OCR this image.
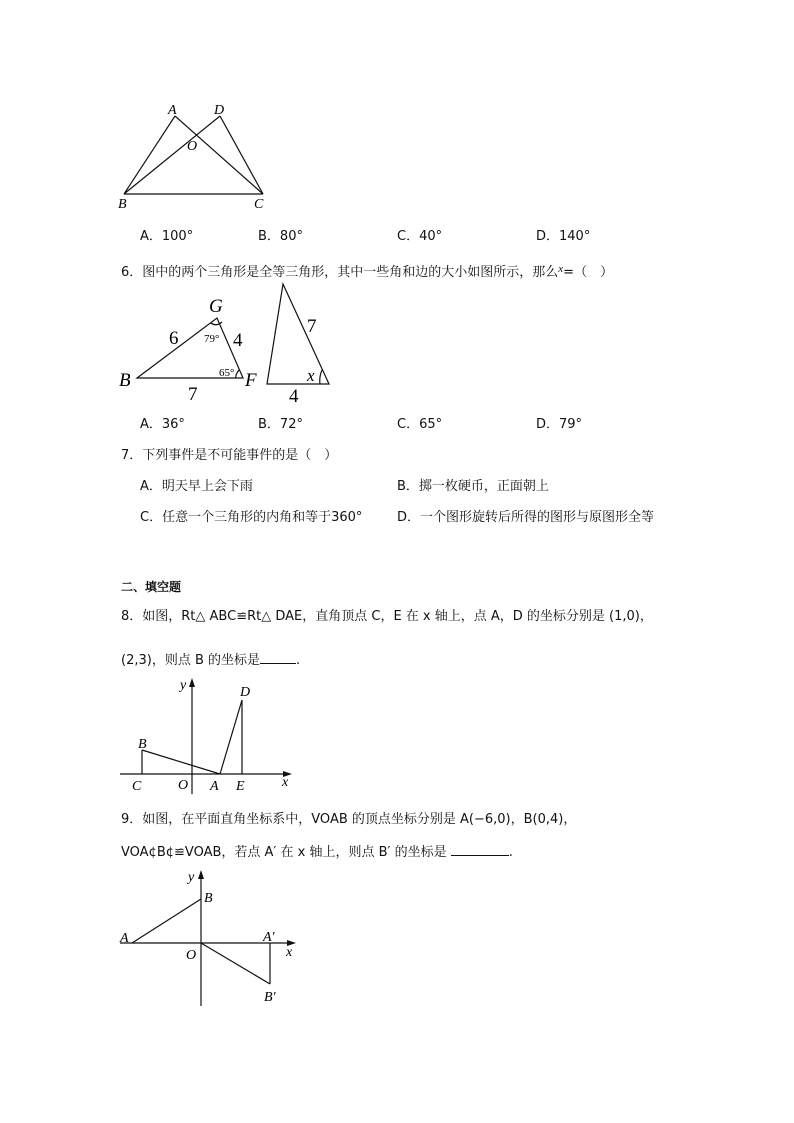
A	D
O
B	C
A．100°	B．80°	C．40°	D．140°
6．图中的两个三角形是全等三角形，其中一些角和边的大小如图所示，那么$^x$=（　）
G
B	F
6	4
7
79°
65°
7
4
x
A．36°	B．72°	C．65°	D．79°
7．下列事件是不可能事件的是（　）
A．明天早上会下雨	B．掷一枚硬币，正面朝上
C．任意一个三角形的内角和等于360°	D．一个图形旋转后所得的图形与原图形全等
二、填空题
8．如图，Rt△ ABC≌Rt△ DAE，直角顶点 C，E 在 x 轴上，点 A，D 的坐标分别是 (1,0)，
(2,3)，则点 B 的坐标是	.
y
x
B
C	O A E
D
9．如图，在平面直角坐标系中，VOAB 的顶点坐标分别是 A(−6,0)，B(0,4)，
VOA¢B¢≌VOAB，若点 A′ 在 x 轴上，则点 B′ 的坐标是	.
y
x
B
A
O
A′
B′
